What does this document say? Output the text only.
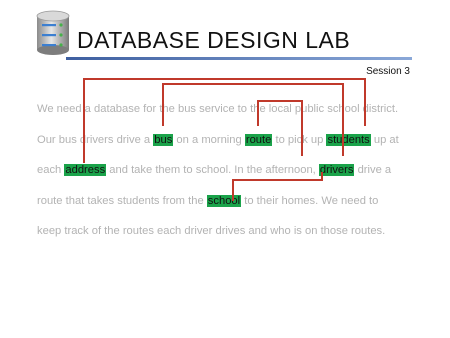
DATABASE DESIGN LAB
Session 3
We need a database for the bus service to the local public school district.
Our bus drivers drive a bus on a morning route to pick up students up at
each address and take them to school. In the afternoon, drivers drive a
route that takes students from the school to their homes. We need to
keep track of the routes each driver drives and who is on those routes.
